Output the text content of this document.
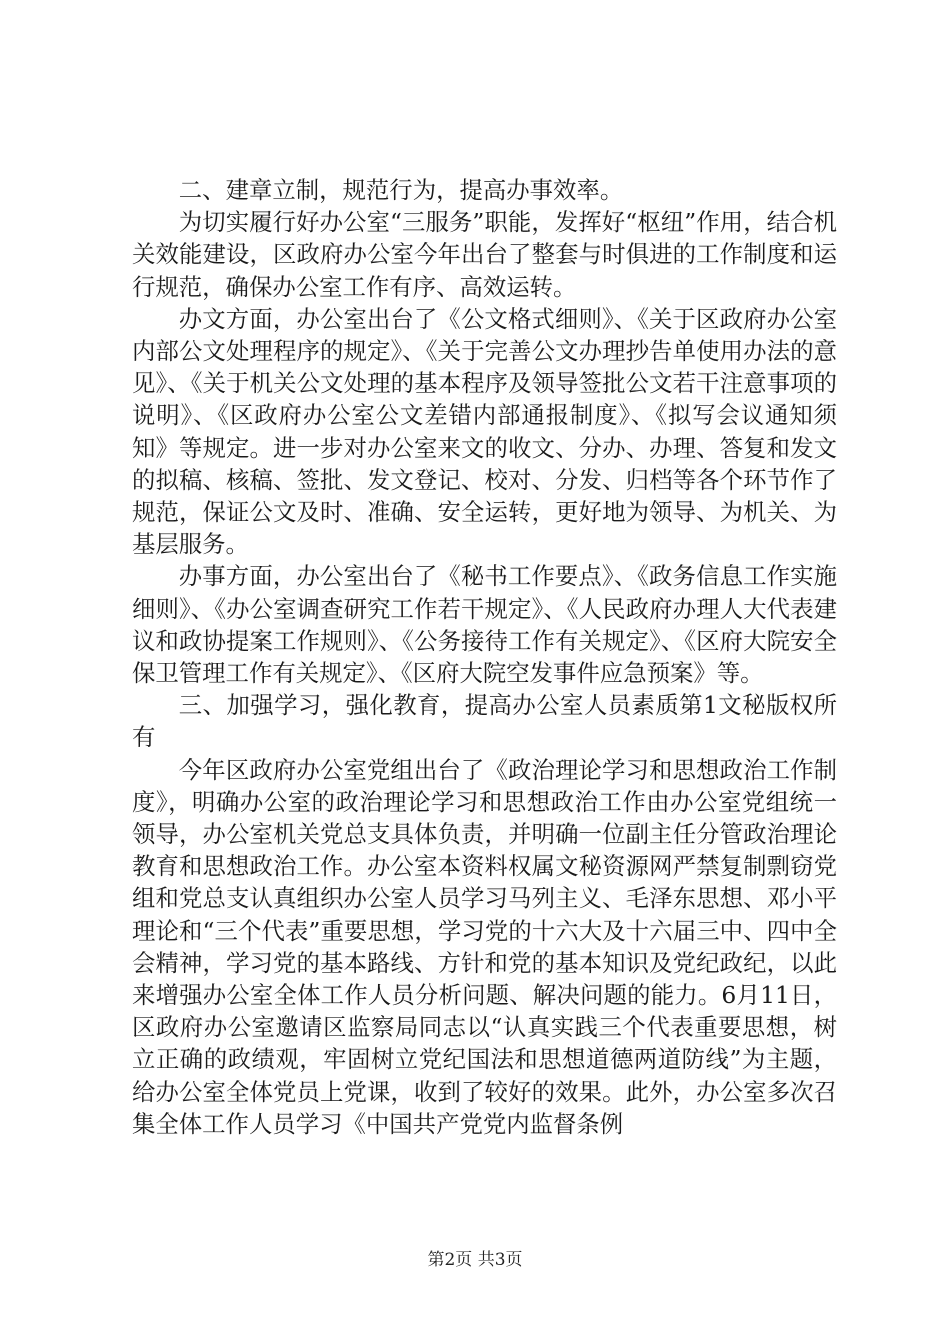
二、建章立制，规范行为，提高办事效率。

为切实履行好办公室“三服务”职能，发挥好“枢纽”作用，结合机关效能建设，区政府办公室今年出台了整套与时俱进的工作制度和运行规范，确保办公室工作有序、高效运转。

办文方面，办公室出台了《公文格式细则》、《关于区政府办公室内部公文处理程序的规定》、《关于完善公文办理抄告单使用办法的意见》、《关于机关公文处理的基本程序及领导签批公文若干注意事项的说明》、《区政府办公室公文差错内部通报制度》、《拟写会议通知须知》等规定。进一步对办公室来文的收文、分办、办理、答复和发文的拟稿、核稿、签批、发文登记、校对、分发、归档等各个环节作了规范，保证公文及时、准确、安全运转，更好地为领导、为机关、为基层服务。

办事方面，办公室出台了《秘书工作要点》、《政务信息工作实施细则》、《办公室调查研究工作若干规定》、《人民政府办理人大代表建议和政协提案工作规则》、《公务接待工作有关规定》、《区府大院安全保卫管理工作有关规定》、《区府大院空发事件应急预案》等。

三、加强学习，强化教育，提高办公室人员素质第1文秘版权所有

今年区政府办公室党组出台了《政治理论学习和思想政治工作制度》，明确办公室的政治理论学习和思想政治工作由办公室党组统一领导，办公室机关党总支具体负责，并明确一位副主任分管政治理论教育和思想政治工作。办公室本资料权属文秘资源网严禁复制剽窃党组和党总支认真组织办公室人员学习马列主义、毛泽东思想、邓小平理论和“三个代表”重要思想，学习党的十六大及十六届三中、四中全会精神，学习党的基本路线、方针和党的基本知识及党纪政纪，以此来增强办公室全体工作人员分析问题、解决问题的能力。6月11日，区政府办公室邀请区监察局同志以“认真实践三个代表重要思想，树立正确的政绩观，牢固树立党纪国法和思想道德两道防线”为主题，给办公室全体党员上党课，收到了较好的效果。此外，办公室多次召集全体工作人员学习《中国共产党党内监督条例

第2页 共3页
